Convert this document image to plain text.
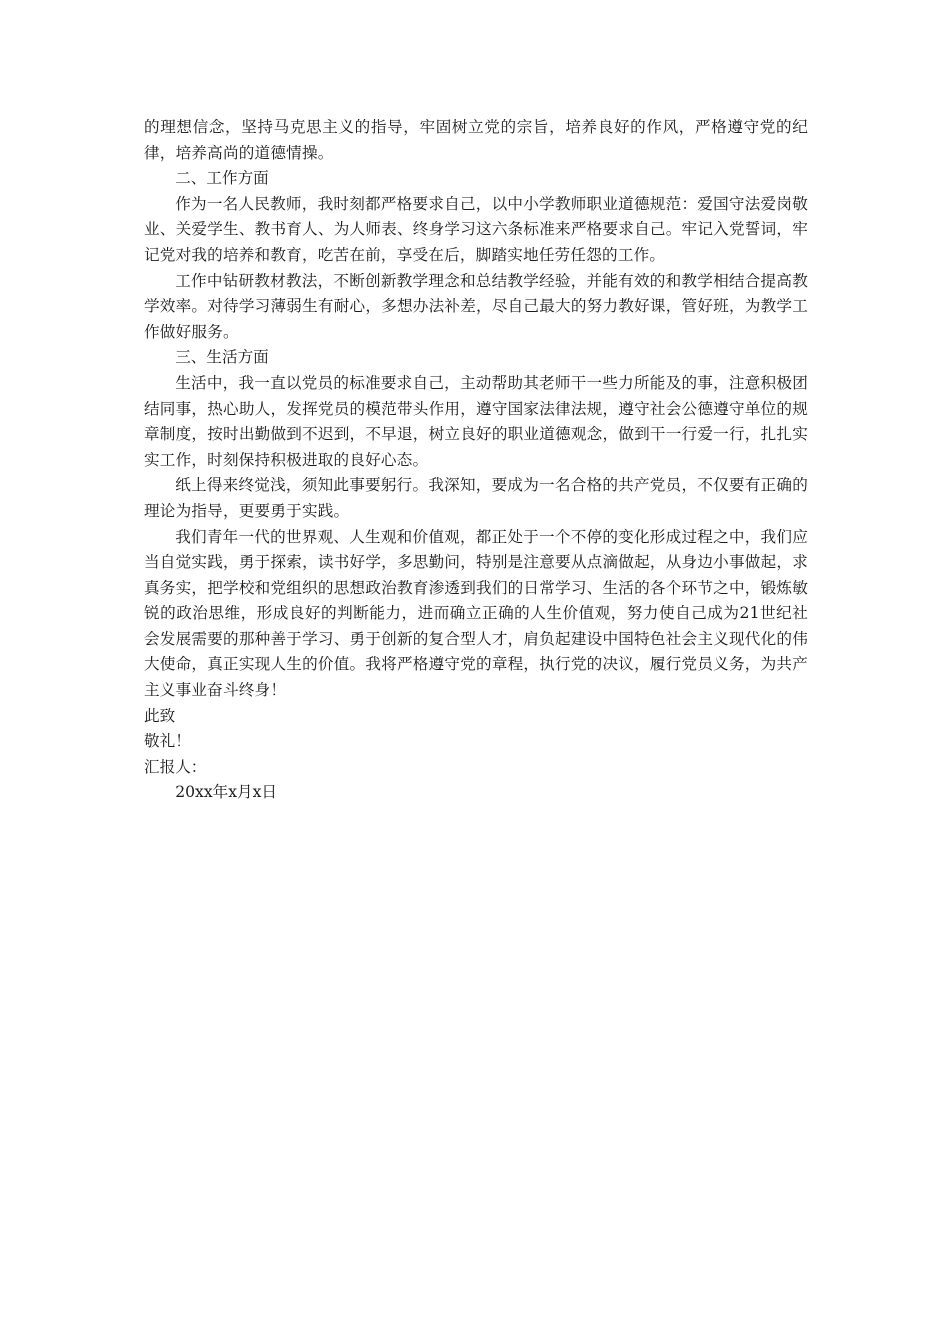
的理想信念，坚持马克思主义的指导，牢固树立党的宗旨，培养良好的作风，严格遵守党的纪律，培养高尚的道德情操。

二、工作方面

作为一名人民教师，我时刻都严格要求自己，以中小学教师职业道德规范：爱国守法爱岗敬业、关爱学生、教书育人、为人师表、终身学习这六条标准来严格要求自己。牢记入党誓词，牢记党对我的培养和教育，吃苦在前，享受在后，脚踏实地任劳任怨的工作。

工作中钻研教材教法，不断创新教学理念和总结教学经验，并能有效的和教学相结合提高教学效率。对待学习薄弱生有耐心，多想办法补差，尽自己最大的努力教好课，管好班，为教学工作做好服务。

三、生活方面

生活中，我一直以党员的标准要求自己，主动帮助其老师干一些力所能及的事，注意积极团结同事，热心助人，发挥党员的模范带头作用，遵守国家法律法规，遵守社会公德遵守单位的规章制度，按时出勤做到不迟到，不早退，树立良好的职业道德观念，做到干一行爱一行，扎扎实实工作，时刻保持积极进取的良好心态。

纸上得来终觉浅，须知此事要躬行。我深知，要成为一名合格的共产党员，不仅要有正确的理论为指导，更要勇于实践。

我们青年一代的世界观、人生观和价值观，都正处于一个不停的变化形成过程之中，我们应当自觉实践，勇于探索，读书好学，多思勤问，特别是注意要从点滴做起，从身边小事做起，求真务实，把学校和党组织的思想政治教育渗透到我们的日常学习、生活的各个环节之中，锻炼敏锐的政治思维，形成良好的判断能力，进而确立正确的人生价值观，努力使自己成为21世纪社会发展需要的那种善于学习、勇于创新的复合型人才，肩负起建设中国特色社会主义现代化的伟大使命，真正实现人生的价值。我将严格遵守党的章程，执行党的决议，履行党员义务，为共产主义事业奋斗终身！

此致

敬礼！

汇报人：

20xx年x月x日
